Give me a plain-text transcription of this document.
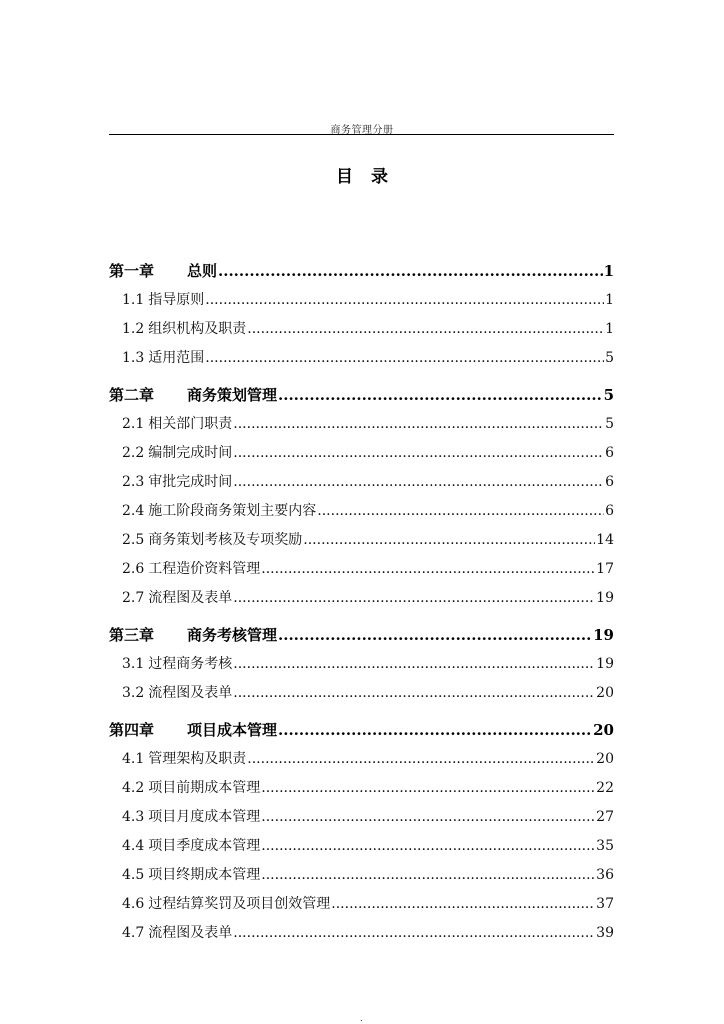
商务管理分册
目 录
第一章	总则 .....	1
1.1 指导原则 .....	1
1.2 组织机构及职责 .....	1
1.3 适用范围 .....	5
第二章	商务策划管理 .....	5
2.1 相关部门职责 .....	5
2.2 编制完成时间 .....	6
2.3 审批完成时间 .....	6
2.4 施工阶段商务策划主要内容 .....	6
2.5 商务策划考核及专项奖励 .....	14
2.6 工程造价资料管理 .....	17
2.7 流程图及表单 .....	19
第三章	商务考核管理 .....	19
3.1 过程商务考核 .....	19
3.2 流程图及表单 .....	20
第四章	项目成本管理 .....	20
4.1 管理架构及职责 .....	20
4.2 项目前期成本管理 .....	22
4.3 项目月度成本管理 .....	27
4.4 项目季度成本管理 .....	35
4.5 项目终期成本管理 .....	36
4.6 过程结算奖罚及项目创效管理 .....	37
4.7 流程图及表单 .....	39
.
